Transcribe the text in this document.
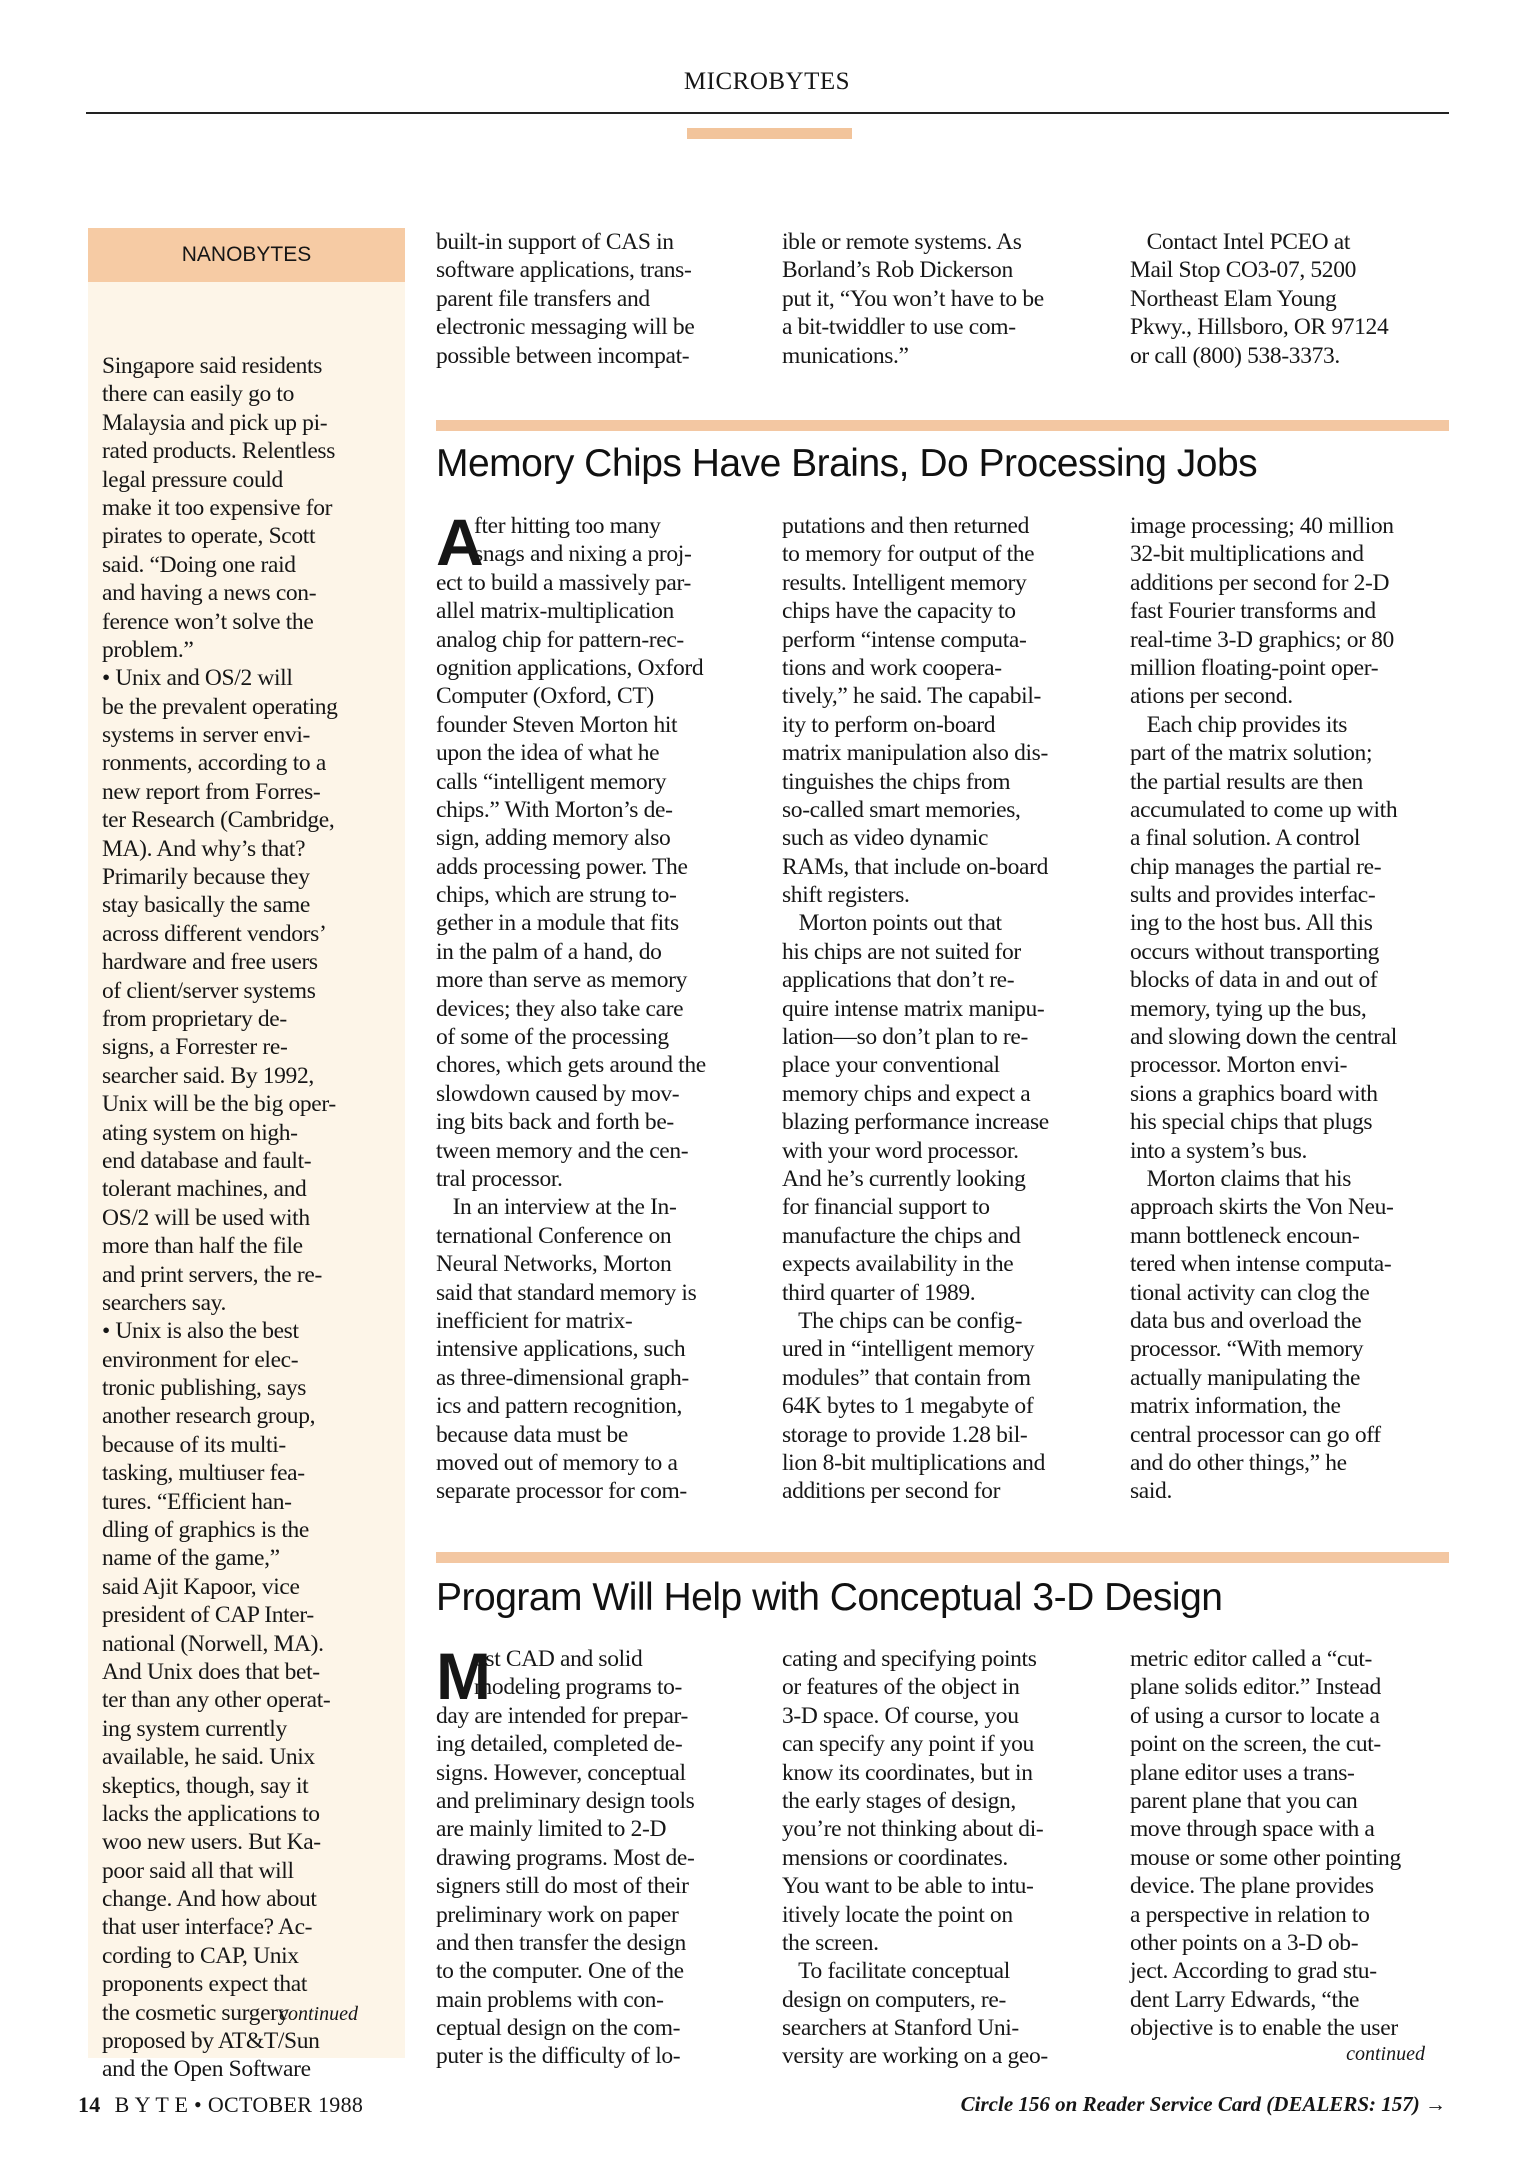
MICROBYTES
NANOBYTES
Singapore said residents
there can easily go to
Malaysia and pick up pi-
rated products. Relentless
legal pressure could
make it too expensive for
pirates to operate, Scott
said. “Doing one raid
and having a news con-
ference won’t solve the
problem.”
• Unix and OS/2 will
be the prevalent operating
systems in server envi-
ronments, according to a
new report from Forres-
ter Research (Cambridge,
MA). And why’s that?
Primarily because they
stay basically the same
across different vendors’
hardware and free users
of client/server systems
from proprietary de-
signs, a Forrester re-
searcher said. By 1992,
Unix will be the big oper-
ating system on high-
end database and fault-
tolerant machines, and
OS/2 will be used with
more than half the file
and print servers, the re-
searchers say.
• Unix is also the best
environment for elec-
tronic publishing, says
another research group,
because of its multi-
tasking, multiuser fea-
tures. “Efficient han-
dling of graphics is the
name of the game,”
said Ajit Kapoor, vice
president of CAP Inter-
national (Norwell, MA).
And Unix does that bet-
ter than any other operat-
ing system currently
available, he said. Unix
skeptics, though, say it
lacks the applications to
woo new users. But Ka-
poor said all that will
change. And how about
that user interface? Ac-
cording to CAP, Unix
proponents expect that
the cosmetic surgery
proposed by AT&T/Sun
and the Open Software
continued
built-in support of CAS in
software applications, trans-
parent file transfers and
electronic messaging will be
possible between incompat-
ible or remote systems. As
Borland’s Rob Dickerson
put it, “You won’t have to be
a bit-twiddler to use com-
munications.”
Contact Intel PCEO at
Mail Stop CO3-07, 5200
Northeast Elam Young
Pkwy., Hillsboro, OR 97124
or call (800) 538-3373.
Memory Chips Have Brains, Do Processing Jobs
A
fter hitting too many
snags and nixing a proj-
ect to build a massively par-
allel matrix-multiplication
analog chip for pattern-rec-
ognition applications, Oxford
Computer (Oxford, CT)
founder Steven Morton hit
upon the idea of what he
calls “intelligent memory
chips.” With Morton’s de-
sign, adding memory also
adds processing power. The
chips, which are strung to-
gether in a module that fits
in the palm of a hand, do
more than serve as memory
devices; they also take care
of some of the processing
chores, which gets around the
slowdown caused by mov-
ing bits back and forth be-
tween memory and the cen-
tral processor.
In an interview at the In-
ternational Conference on
Neural Networks, Morton
said that standard memory is
inefficient for matrix-
intensive applications, such
as three-dimensional graph-
ics and pattern recognition,
because data must be
moved out of memory to a
separate processor for com-
putations and then returned
to memory for output of the
results. Intelligent memory
chips have the capacity to
perform “intense computa-
tions and work coopera-
tively,” he said. The capabil-
ity to perform on-board
matrix manipulation also dis-
tinguishes the chips from
so-called smart memories,
such as video dynamic
RAMs, that include on-board
shift registers.
Morton points out that
his chips are not suited for
applications that don’t re-
quire intense matrix manipu-
lation—so don’t plan to re-
place your conventional
memory chips and expect a
blazing performance increase
with your word processor.
And he’s currently looking
for financial support to
manufacture the chips and
expects availability in the
third quarter of 1989.
The chips can be config-
ured in “intelligent memory
modules” that contain from
64K bytes to 1 megabyte of
storage to provide 1.28 bil-
lion 8-bit multiplications and
additions per second for
image processing; 40 million
32-bit multiplications and
additions per second for 2-D
fast Fourier transforms and
real-time 3-D graphics; or 80
million floating-point oper-
ations per second.
Each chip provides its
part of the matrix solution;
the partial results are then
accumulated to come up with
a final solution. A control
chip manages the partial re-
sults and provides interfac-
ing to the host bus. All this
occurs without transporting
blocks of data in and out of
memory, tying up the bus,
and slowing down the central
processor. Morton envi-
sions a graphics board with
his special chips that plugs
into a system’s bus.
Morton claims that his
approach skirts the Von Neu-
mann bottleneck encoun-
tered when intense computa-
tional activity can clog the
data bus and overload the
processor. “With memory
actually manipulating the
matrix information, the
central processor can go off
and do other things,” he
said.
Program Will Help with Conceptual 3-D Design
M
ost CAD and solid
modeling programs to-
day are intended for prepar-
ing detailed, completed de-
signs. However, conceptual
and preliminary design tools
are mainly limited to 2-D
drawing programs. Most de-
signers still do most of their
preliminary work on paper
and then transfer the design
to the computer. One of the
main problems with con-
ceptual design on the com-
puter is the difficulty of lo-
cating and specifying points
or features of the object in
3-D space. Of course, you
can specify any point if you
know its coordinates, but in
the early stages of design,
you’re not thinking about di-
mensions or coordinates.
You want to be able to intu-
itively locate the point on
the screen.
To facilitate conceptual
design on computers, re-
searchers at Stanford Uni-
versity are working on a geo-
metric editor called a “cut-
plane solids editor.” Instead
of using a cursor to locate a
point on the screen, the cut-
plane editor uses a trans-
parent plane that you can
move through space with a
mouse or some other pointing
device. The plane provides
a perspective in relation to
other points on a 3-D ob-
ject. According to grad stu-
dent Larry Edwards, “the
objective is to enable the user
continued
14 B Y T E • OCTOBER 1988	Circle 156 on Reader Service Card (DEALERS: 157) →
